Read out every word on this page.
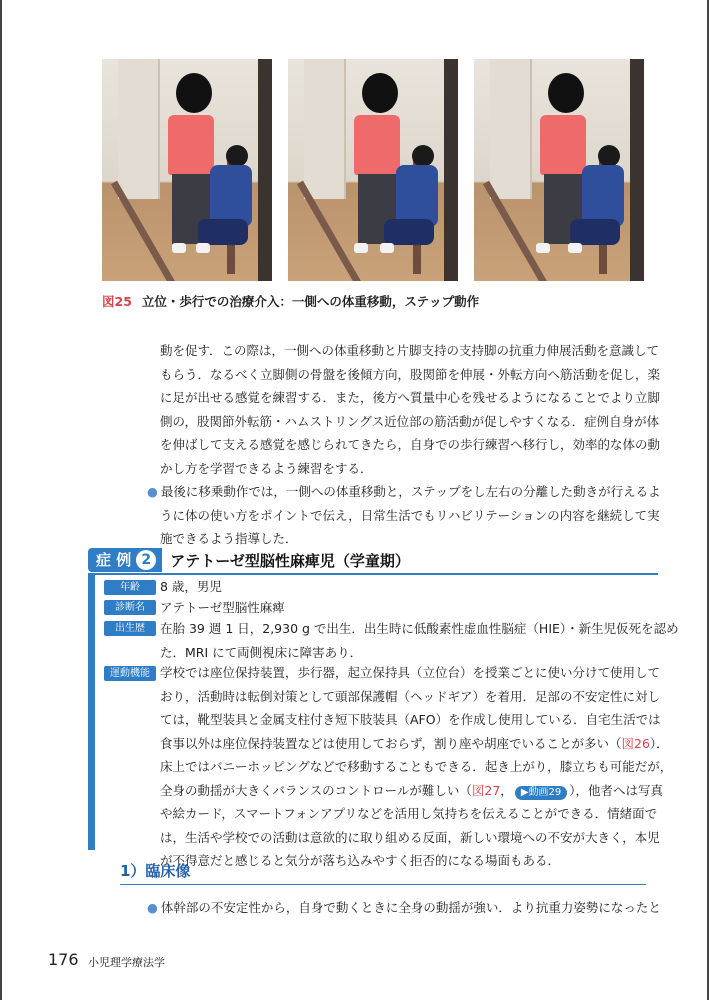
図25 立位・歩行での治療介入：一側への体重移動，ステップ動作
動を促す．この際は，一側への体重移動と片脚支持の支持脚の抗重力伸展活動を意識して
もらう．なるべく立脚側の骨盤を後傾方向，股関節を伸展・外転方向へ筋活動を促し，楽
に足が出せる感覚を練習する．また，後方へ質量中心を残せるようになることでより立脚
側の，股関節外転筋・ハムストリングス近位部の筋活動が促しやすくなる．症例自身が体
を伸ばして支える感覚を感じられてきたら，自身での歩行練習へ移行し，効率的な体の動
かし方を学習できるよう練習をする．
● 最後に移乗動作では，一側への体重移動と，ステップをし左右の分離した動きが行えるよ
うに体の使い方をポイントで伝え，日常生活でもリハビリテーションの内容を継続して実
施できるよう指導した．
症 例 2	アテトーゼ型脳性麻痺児（学童期）
年齢	8 歳，男児
診断名	アテトーゼ型脳性麻痺
出生歴	在胎 39 週 1 日，2,930 g で出生．出生時に低酸素性虚血性脳症（HIE）・新生児仮死を認め
た．MRI にて両側視床に障害あり．
運動機能 学校では座位保持装置，歩行器，起立保持具（立位台）を授業ごとに使い分けて使用して
おり，活動時は転倒対策として頭部保護帽（ヘッドギア）を着用．足部の不安定性に対し
ては，靴型装具と金属支柱付き短下肢装具（AFO）を作成し使用している．自宅生活では
食事以外は座位保持装置などは使用しておらず，割り座や胡座でいることが多い（図26）．
床上ではバニーホッピングなどで移動することもできる．起き上がり，膝立ちも可能だが，
全身の動揺が大きくバランスのコントロールが難しい（図27， ▶動画29 ），他者へは写真
や絵カード，スマートフォンアプリなどを活用し気持ちを伝えることができる．情緒面で
は，生活や学校での活動は意欲的に取り組める反面，新しい環境への不安が大きく，本児
が不得意だと感じると気分が落ち込みやすく拒否的になる場面もある．
1）臨床像
● 体幹部の不安定性から，自身で動くときに全身の動揺が強い．より抗重力姿勢になったと
176 小児理学療法学
